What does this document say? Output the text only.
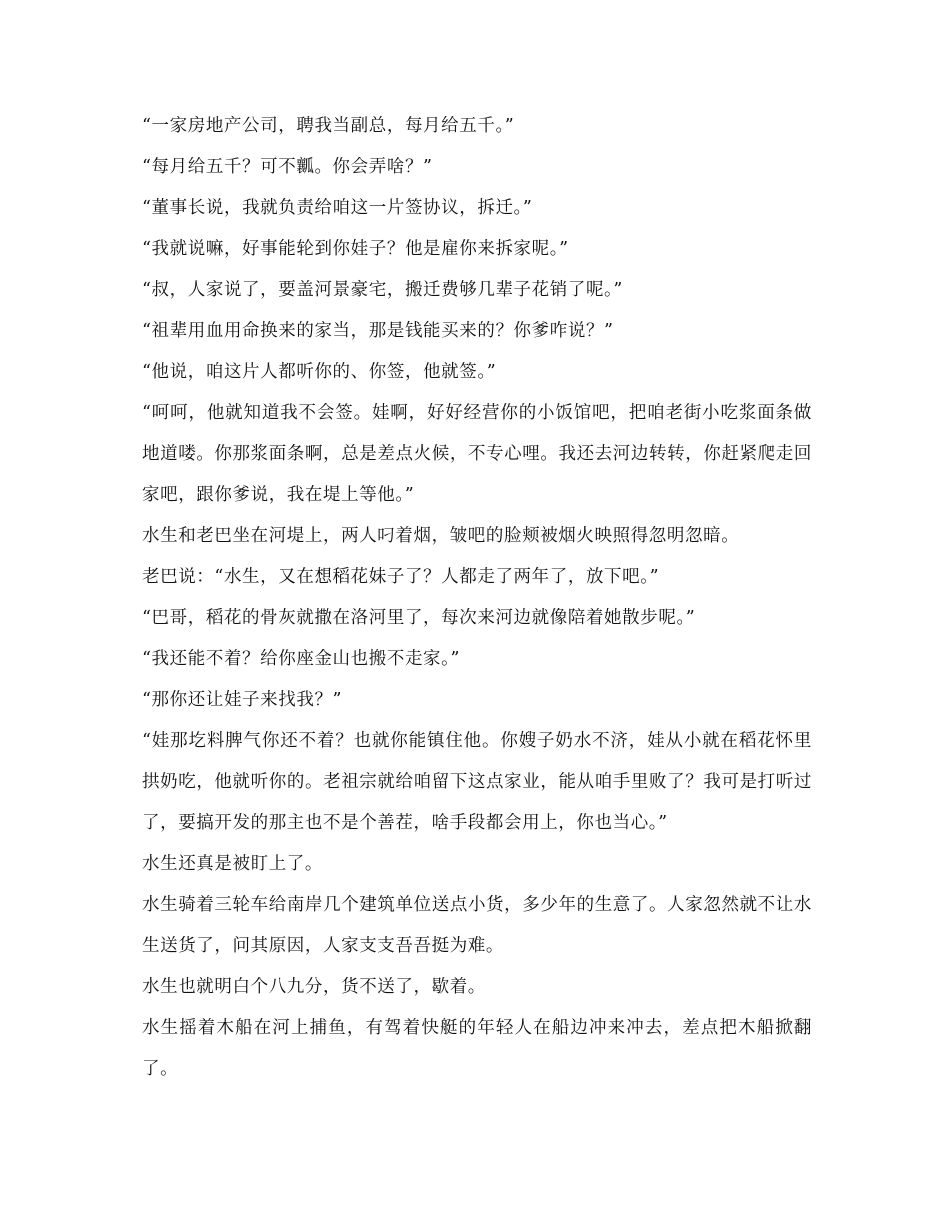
“一家房地产公司，聘我当副总，每月给五千。”

“每月给五千？可不瓤。你会弄啥？”

“董事长说，我就负责给咱这一片签协议，拆迁。”

“我就说嘛，好事能轮到你娃子？他是雇你来拆家呢。”

“叔，人家说了，要盖河景豪宅，搬迁费够几辈子花销了呢。”

“祖辈用血用命换来的家当，那是钱能买来的？你爹咋说？”

“他说，咱这片人都听你的、你签，他就签。”

“呵呵，他就知道我不会签。娃啊，好好经营你的小饭馆吧，把咱老街小吃浆面条做地道喽。你那浆面条啊，总是差点火候，不专心哩。我还去河边转转，你赶紧爬走回家吧，跟你爹说，我在堤上等他。”

水生和老巴坐在河堤上，两人叼着烟，皱吧的脸颊被烟火映照得忽明忽暗。

老巴说：“水生，又在想稻花妹子了？人都走了两年了，放下吧。”

“巴哥，稻花的骨灰就撒在洛河里了，每次来河边就像陪着她散步呢。”

“我还能不着？给你座金山也搬不走家。”

“那你还让娃子来找我？”

“娃那圪料脾气你还不着？也就你能镇住他。你嫂子奶水不济，娃从小就在稻花怀里拱奶吃，他就听你的。老祖宗就给咱留下这点家业，能从咱手里败了？我可是打听过了，要搞开发的那主也不是个善茬，啥手段都会用上，你也当心。”

水生还真是被盯上了。

水生骑着三轮车给南岸几个建筑单位送点小货，多少年的生意了。人家忽然就不让水生送货了，问其原因，人家支支吾吾挺为难。

水生也就明白个八九分，货不送了，歇着。

水生摇着木船在河上捕鱼，有驾着快艇的年轻人在船边冲来冲去，差点把木船掀翻了。
